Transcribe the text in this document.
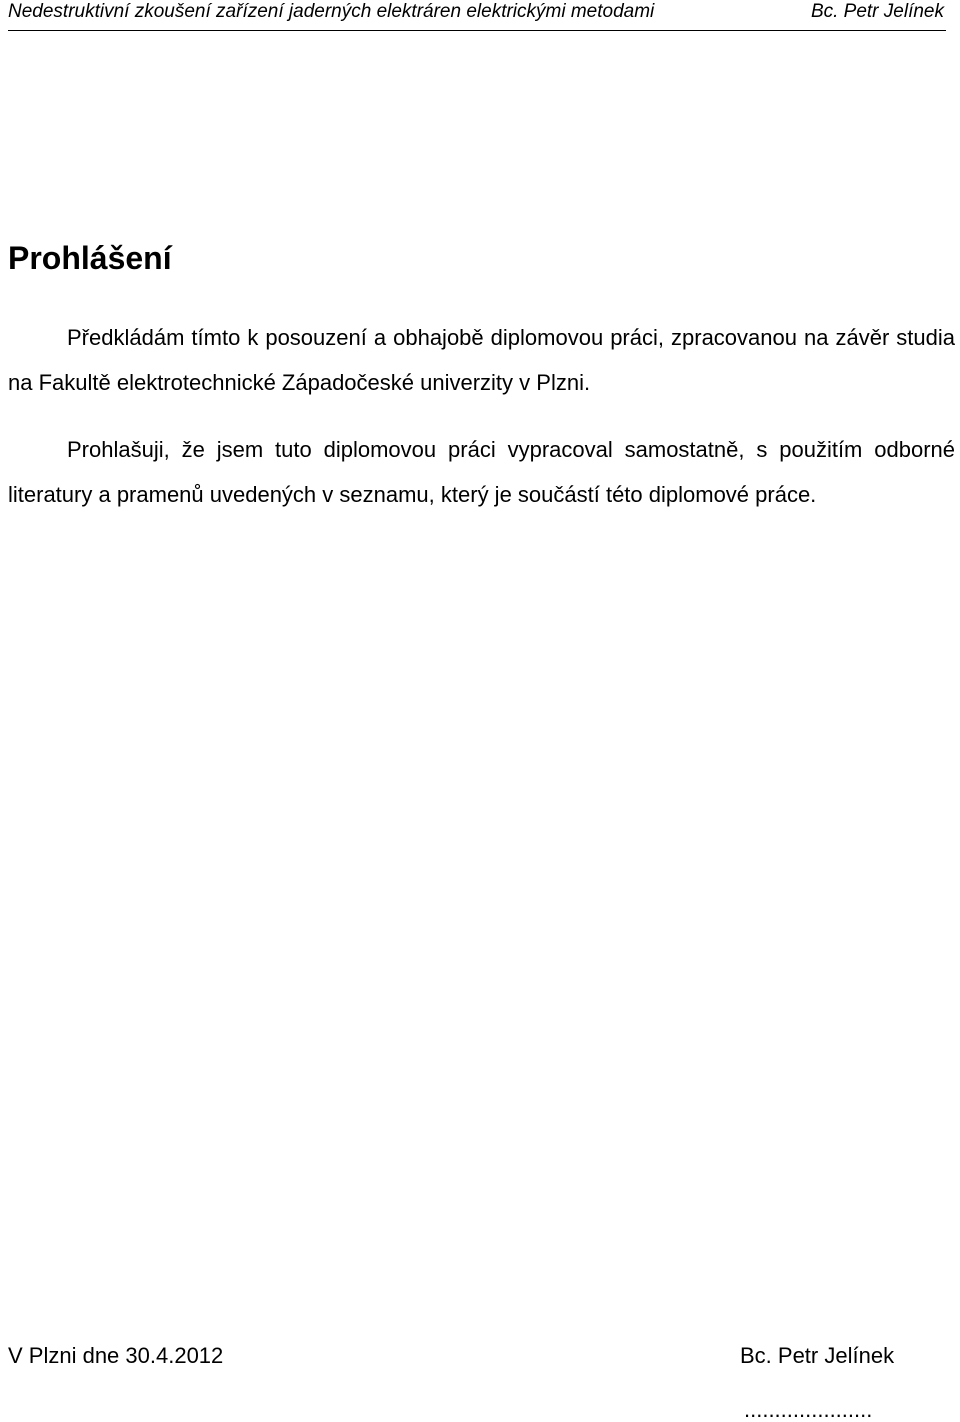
Nedestruktivní zkoušení zařízení jaderných elektráren elektrickými metodami	Bc. Petr Jelínek
Prohlášení

Předkládám tímto k posouzení a obhajobě diplomovou práci, zpracovanou na závěr studia na Fakultě elektrotechnické Západočeské univerzity v Plzni.

Prohlašuji, že jsem tuto diplomovou práci vypracoval samostatně, s použitím odborné literatury a pramenů uvedených v seznamu, který je součástí této diplomové práce.

V Plzni dne 30.4.2012	Bc. Petr Jelínek
.....................
